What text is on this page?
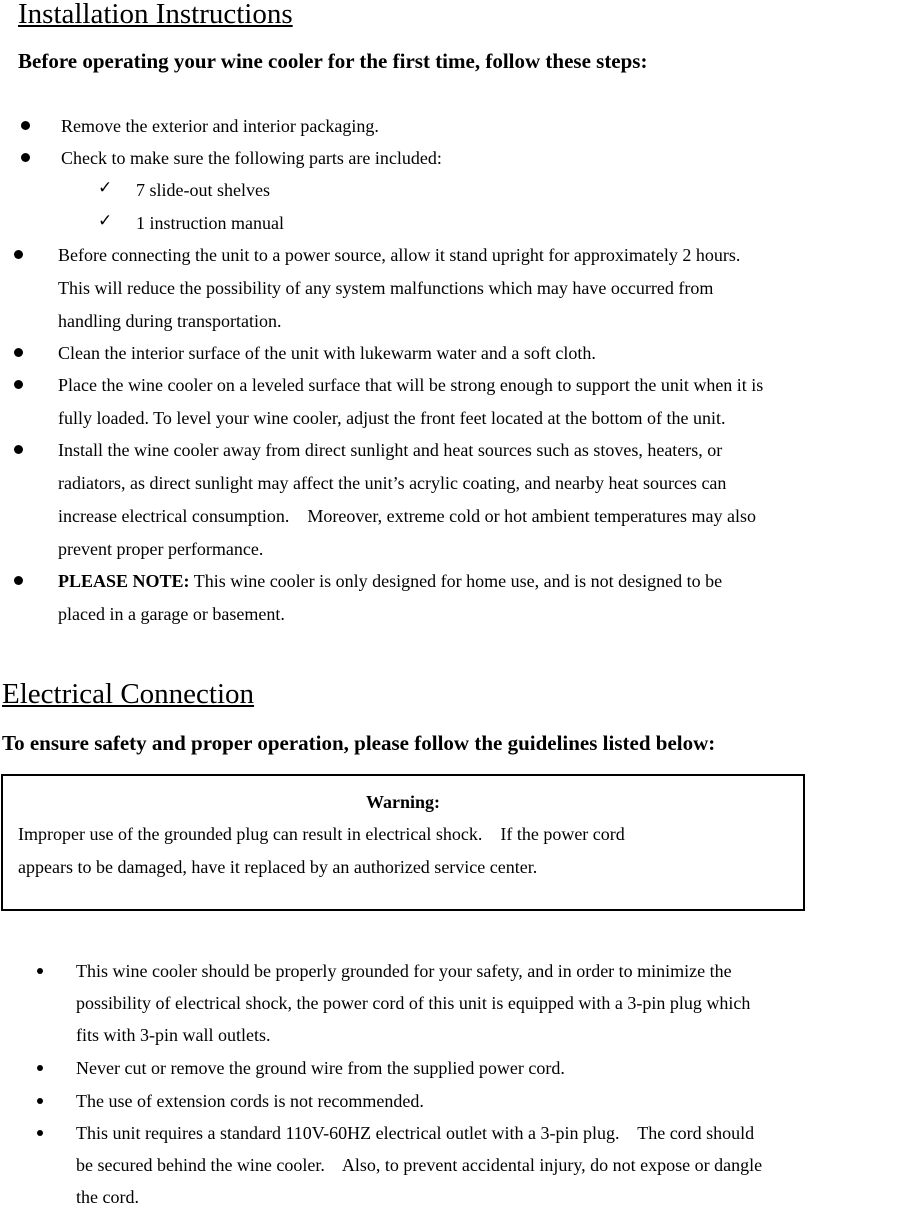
Installation Instructions
Before operating your wine cooler for the first time, follow these steps:
Remove the exterior and interior packaging.
Check to make sure the following parts are included:
✓ 7 slide-out shelves
✓ 1 instruction manual
Before connecting the unit to a power source, allow it stand upright for approximately 2 hours.
This will reduce the possibility of any system malfunctions which may have occurred from
handling during transportation.
Clean the interior surface of the unit with lukewarm water and a soft cloth.
Place the wine cooler on a leveled surface that will be strong enough to support the unit when it is
fully loaded. To level your wine cooler, adjust the front feet located at the bottom of the unit.
Install the wine cooler away from direct sunlight and heat sources such as stoves, heaters, or
radiators, as direct sunlight may affect the unit’s acrylic coating, and nearby heat sources can
increase electrical consumption.    Moreover, extreme cold or hot ambient temperatures may also
prevent proper performance.
PLEASE NOTE: This wine cooler is only designed for home use, and is not designed to be
placed in a garage or basement.
Electrical Connection
To ensure safety and proper operation, please follow the guidelines listed below:
Warning:
Improper use of the grounded plug can result in electrical shock.    If the power cord
appears to be damaged, have it replaced by an authorized service center.
This wine cooler should be properly grounded for your safety, and in order to minimize the
possibility of electrical shock, the power cord of this unit is equipped with a 3-pin plug which
fits with 3-pin wall outlets.
Never cut or remove the ground wire from the supplied power cord.
The use of extension cords is not recommended.
This unit requires a standard 110V-60HZ electrical outlet with a 3-pin plug.    The cord should
be secured behind the wine cooler.    Also, to prevent accidental injury, do not expose or dangle
the cord.
